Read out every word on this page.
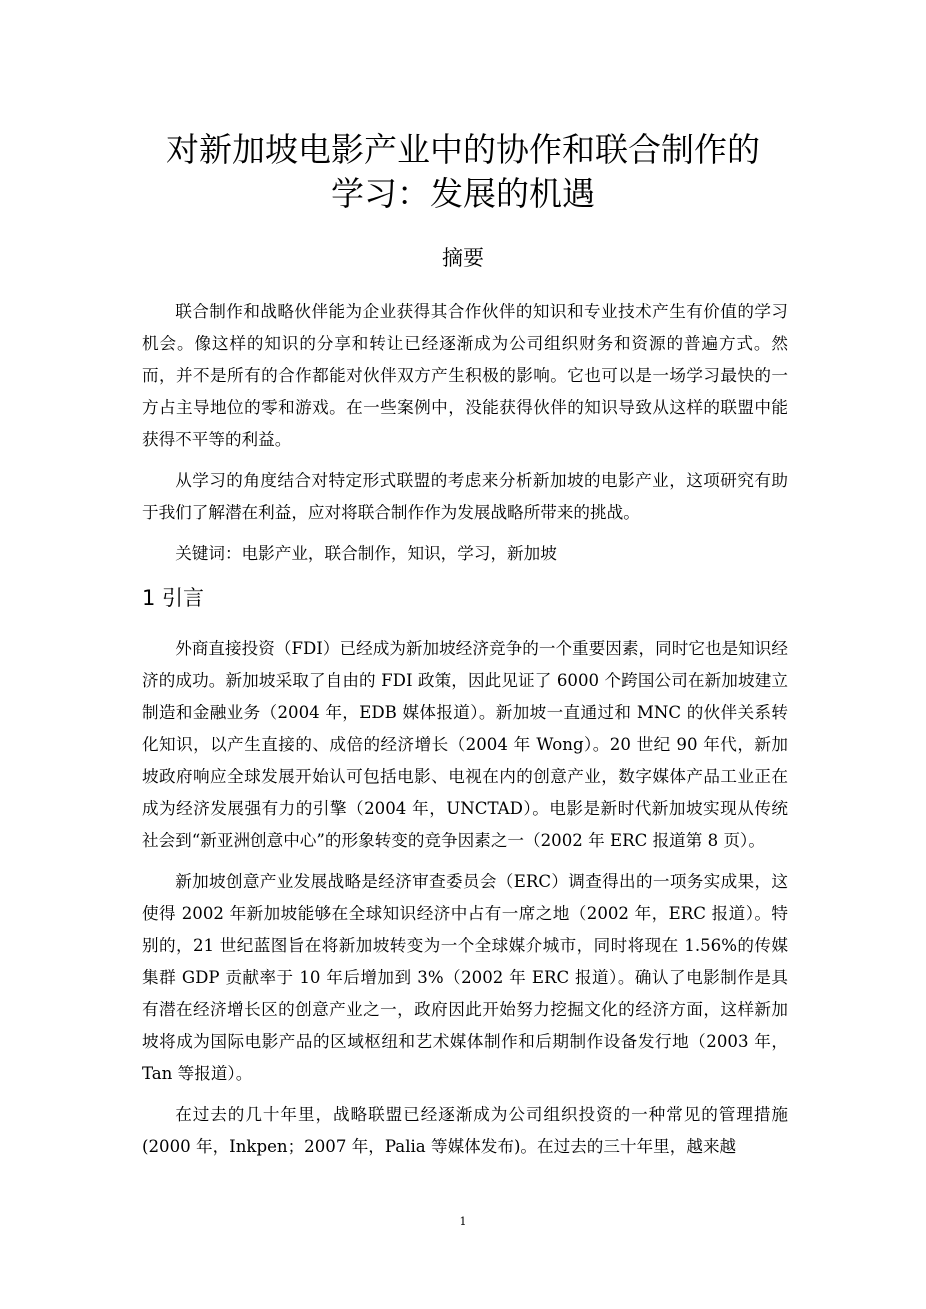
对新加坡电影产业中的协作和联合制作的
学习：发展的机遇
摘要

联合制作和战略伙伴能为企业获得其合作伙伴的知识和专业技术产生有价值的学习机会。像这样的知识的分享和转让已经逐渐成为公司组织财务和资源的普遍方式。然而，并不是所有的合作都能对伙伴双方产生积极的影响。它也可以是一场学习最快的一方占主导地位的零和游戏。在一些案例中，没能获得伙伴的知识导致从这样的联盟中能获得不平等的利益。

从学习的角度结合对特定形式联盟的考虑来分析新加坡的电影产业，这项研究有助于我们了解潜在利益，应对将联合制作作为发展战略所带来的挑战。

关键词：电影产业，联合制作，知识，学习，新加坡

1 引言

外商直接投资（FDI）已经成为新加坡经济竞争的一个重要因素，同时它也是知识经济的成功。新加坡采取了自由的 FDI 政策，因此见证了 6000 个跨国公司在新加坡建立制造和金融业务（2004 年，EDB 媒体报道）。新加坡一直通过和 MNC 的伙伴关系转化知识，以产生直接的、成倍的经济增长（2004 年 Wong）。20 世纪 90 年代，新加坡政府响应全球发展开始认可包括电影、电视在内的创意产业，数字媒体产品工业正在成为经济发展强有力的引擎（2004 年，UNCTAD）。电影是新时代新加坡实现从传统社会到“新亚洲创意中心”的形象转变的竞争因素之一（2002 年 ERC 报道第 8 页）。

新加坡创意产业发展战略是经济审查委员会（ERC）调查得出的一项务实成果，这使得 2002 年新加坡能够在全球知识经济中占有一席之地（2002 年，ERC 报道）。特别的，21 世纪蓝图旨在将新加坡转变为一个全球媒介城市，同时将现在 1.56%的传媒集群 GDP 贡献率于 10 年后增加到 3%（2002 年 ERC 报道）。确认了电影制作是具有潜在经济增长区的创意产业之一，政府因此开始努力挖掘文化的经济方面，这样新加坡将成为国际电影产品的区域枢纽和艺术媒体制作和后期制作设备发行地（2003 年，Tan 等报道）。

在过去的几十年里，战略联盟已经逐渐成为公司组织投资的一种常见的管理措施(2000 年，Inkpen；2007 年，Palia 等媒体发布)。在过去的三十年里，越来越

1
